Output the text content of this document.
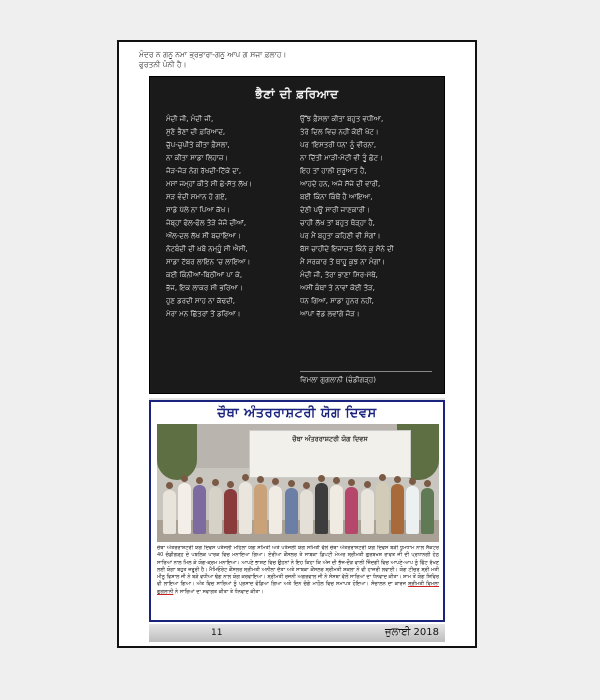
ਮੰਦਰ ਨ ਗਨੂ ਨਮਾ ਭ੍ਰਭਾਰਾ-ਗਨੂ ਆਪ ਗ ਸਜਾ ਫ਼ਲਾਹ।
ਫੁਰਤਨੀ ਪੰਨੀ ਹੈ।
ਭੈਣਾਂ ਦੀ ਫ਼ਰਿਆਦ
ਮੰਦੀ ਜੀ, ਮੰਦੀ ਜੀ,
ਸੁਣੋ ਭੈਣਾਂ ਦੀ ਫ਼ਰਿਆਦ,
ਚੁੱਪ-ਚੁਪੀਤੇ ਕੀਤਾ ਫ਼ੈਸਲਾ,
ਨਾ ਕੀਤਾ ਸਾਡਾ ਲਿਹਾਜ਼।
ਜੋੜ-ਜੋੜ ਨੋਗ ਰੱਖਦੀ-ਟਿੱਕੇ ਦਾ,
ਮਸਾਂ ਜਮ੍ਹਾਂ ਕੀਤੇ ਸੀ ਛੇ-ਸੱਤ ਲੱਖ।
ਸੜ ਵੰਦੀ ਸਮਾਨ ਹੋ ਗਏ,
ਸਾਡੇ ਪੱਲੇ ਨਾ ਪਿਆ ਕੱਖ।
ਜੇਬ੍ਹਾਂ ਫੋਲ-ਫੋਲ ਤੋੜੇ ਜੇਜੋ ਦੀਆਂ,
ਔਲ-ਦਲ ਲੱਖ ਸੀ ਬਚਾਇਆ।
ਨੋਟਬੰਦੀ ਦੀ ਖ਼ਬੋ ਨਮ੍ਹੂੰ ਸੀ ਐਸੀ,
ਸਾਡਾ ਟੱਬਰ ਲਾਇਨ 'ਚ ਲਾਇਆ।
ਕਈ ਕਿੰਨੀਆਂ-ਬਿਠੀਆਂ ਪਾ ਕੇ,
ਭੱਜ, ਇਕ ਲਾਕਰ ਸੀ ਭਰਿਆ।
ਹੁਣ ਡਰਦੀ ਸਾਹ ਨਾ ਕੱਢਦੀ,
ਮੇਰਾ ਮਨ ਛਿੱਤਰਾਂ ਤੋਂ ਡਰਿਆ।
ਉੱਝ ਫ਼ੈਸਲਾ ਕੀਤਾ ਬਹੁਤ ਵਧੀਆ,
ਤੇਰੇ ਦਿਲ ਵਿਚ ਨਹੀਂ ਕੋਈ ਖੋਟ।
ਪਰ 'ਇਸਤਰੀ ਧਨ' ਨੂੰ ਵੀਰਨਾ,
ਨਾ ਦਿੱਤੀ ਮਾੜੀ-ਮੋਟੀ ਵੀ ਤੂੰ ਛੋਟ।
ਇਹ ਤਾਂ ਹਾਲੀ ਸ਼ੁਰੂਆਤ ਹੈ,
ਆਹਦੇ ਹਨ, ਅਜੇ ਸੱਜੇ ਦੀ ਵਾਰੀ,
ਬਈ ਕਿੰਨਾ ਕਿੰਥੋਂ ਹੈ ਆਇਆ,
ਦੇਣੀ ਪਊ ਸਾਰੀ ਜਾਣਕਾਰੀ।
ਚਾਹੀ ਲੱਖ ਤਾਂ ਬਹੁਤ ਥੋੜ੍ਹਾ ਹੈ,
ਪਰ ਮੈਂ ਬਹੁਤਾ ਕਹਿਣੀ ਵੀ ਸੰਗਾਂ।
ਬੱਸ ਚਾਹੀਦੇ ਇਜਾਜ਼ਤ ਕਿੰਨੇ ਕੁ ਸੋਨੇ ਦੀ
ਮੈਂ ਸਰਕਾਰ ਤੋਂ ਥਾਹੂ ਕੁਝ ਨਾ ਮੰਗਾਂ।
ਮੰਦੀ ਜੀ, ਤੇਰਾ ਭਾਣਾ ਸਿਰ-ਮੱਥੇ,
ਅਸੀਂ ਕੰਥਾਂ ਤੇ ਨਾਵਾਂ ਕੋਈ ਤੋੜ,
ਧਨ ਗਿਆ, ਸਾਡਾ ਹੁਨਰ ਨਹੀਂ,
ਆਪਾਂ ਵੱਡ ਲਵਾਂਗੇ ਜੋੜ।
ਵਿਮਲਾ ਗੁਗਲਾਨੀ (ਚੰਡੀਗੜ੍ਹ)
ਚੌਥਾ ਅੰਤਰਰਾਸ਼ਟਰੀ ਯੋਗ ਦਿਵਸ
ਚੌਥਾ ਅੰਤਰਰਾਸ਼ਟਰੀ ਯੋਗ ਦਿਵਸ
ਚੌਥਾ ਅੰਤਰਰਾਸ਼ਟਰੀ ਯੋਗ ਦਿਵਸ ਪਤੰਜਲੀ ਮਹਿਲਾ ਯੋਗ ਸਮਿਤੀ ਅਤੇ ਪਤੰਜਲੀ ਯੋਗ ਸਮਿਤੀ ਵੱਲੋਂ ਚੌਥਾ ਅੰਤਰਰਾਸ਼ਟਰੀ ਯੋਗ ਦਿਵਸ ਬੜੀ ਧੂਮਧਾਮ ਨਾਲ ਸੈਕਟਰ 40 ਚੰਡੀਗੜ੍ਹ ਦੇ ਪਬਲਿਕ ਪਾਰਕ ਵਿਚ ਮਨਾਇਆ ਗਿਆ। ਏਰੀਆ ਕੌਂਸਲਰ ਤੇ ਸਾਬਕਾ ਡਿਪਟੀ ਮੇਅਰ ਸ਼੍ਰੀਮਤੀ ਗੁਰਬਖਸ਼ ਰਾਵਤ ਜੀ ਦੀ ਪ੍ਰਧਾਨਗੀ ਹੇਠ ਸਾਰਿਆਂ ਨਾਲ ਮਿਲ ਕੇ ਯੋਗ-ਕ੍ਰਮ ਮਨਾਇਆ। ਆਪਣੇ ਭਾਸ਼ਣ ਵਿਚ ਉਹਨਾਂ ਨੇ ਇਹ ਕਿਹਾ ਕਿ ਅੱਜ ਦੀ ਭੱਜ-ਦੌੜ ਵਾਲੀ ਜ਼ਿੰਦਗੀ ਵਿਚ ਆਪਣੇ-ਆਪ ਨੂੰ ਫਿੱਟ ਰੱਖਣ ਲਈ ਯੋਗਾ ਬਹੁਤ ਜ਼ਰੂਰੀ ਹੈ। ਮੈਮਿਓਰੇਟ ਕੌਂਸਲਰ ਸ਼੍ਰੀਮਤੀ ਅਨੀਲਾ ਦੱਤਾ ਅਤੇ ਸਾਬਕਾ ਕੌਂਸਲਰ ਸ਼੍ਰੀਮਤੀ ਸ਼ਕਲਾ ਨੇ ਵੀ ਹਾਜ਼ਰੀ ਲਵਾਈ। ਯੋਗ ਟੀਚਰ ਸ਼੍ਰੀ ਮਤੀ ਮੀਨੂ ਵਿਸ਼ਾਲ ਜੀ ਨੇ ਬੜੇ ਵਧੀਆ ਢੰਗ ਨਾਲ ਯੋਗ ਕਰਵਾਇਆ। ਸ਼੍ਰੀਮਤੀ ਰਜਨੀ ਅਗਰਵਾਲ ਜੀ ਨੇ ਸੰਸਥਾ ਵੱਲੋਂ ਸਾਰਿਆਂ ਦਾ ਧੰਨਵਾਦ ਕੀਤਾ। ਸ਼ਾਮ ਤੋਂ ਯੋਗ ਸ਼ਿਵਿਰ ਵੀ ਲਾਇਆ ਗਿਆ। ਅੰਤ ਵਿਚ ਸਾਰਿਆਂ ਨੂੰ ਪ੍ਰਸਾਦ ਵੰਡਿਆ ਗਿਆ ਅਤੇ ਦਿਨ ਚੰਗੇ ਮਾਹੌਲ ਵਿਚ ਸਮਾਪਤ ਹੋਇਆ। ਸੰਚਾਲਨ ਦਾ ਕਾਰਜ ਸ਼੍ਰੀਮਤੀ ਵਿਮਲਾ ਗੁਗਲਾਨੀ ਨੇ ਸਾਰਿਆਂ ਦਾ ਸਵਾਗਤ ਕੀਤਾ ਤੇ ਧੰਨਵਾਦ ਕੀਤਾ।
11	ਜੁਲਾਈ 2018
